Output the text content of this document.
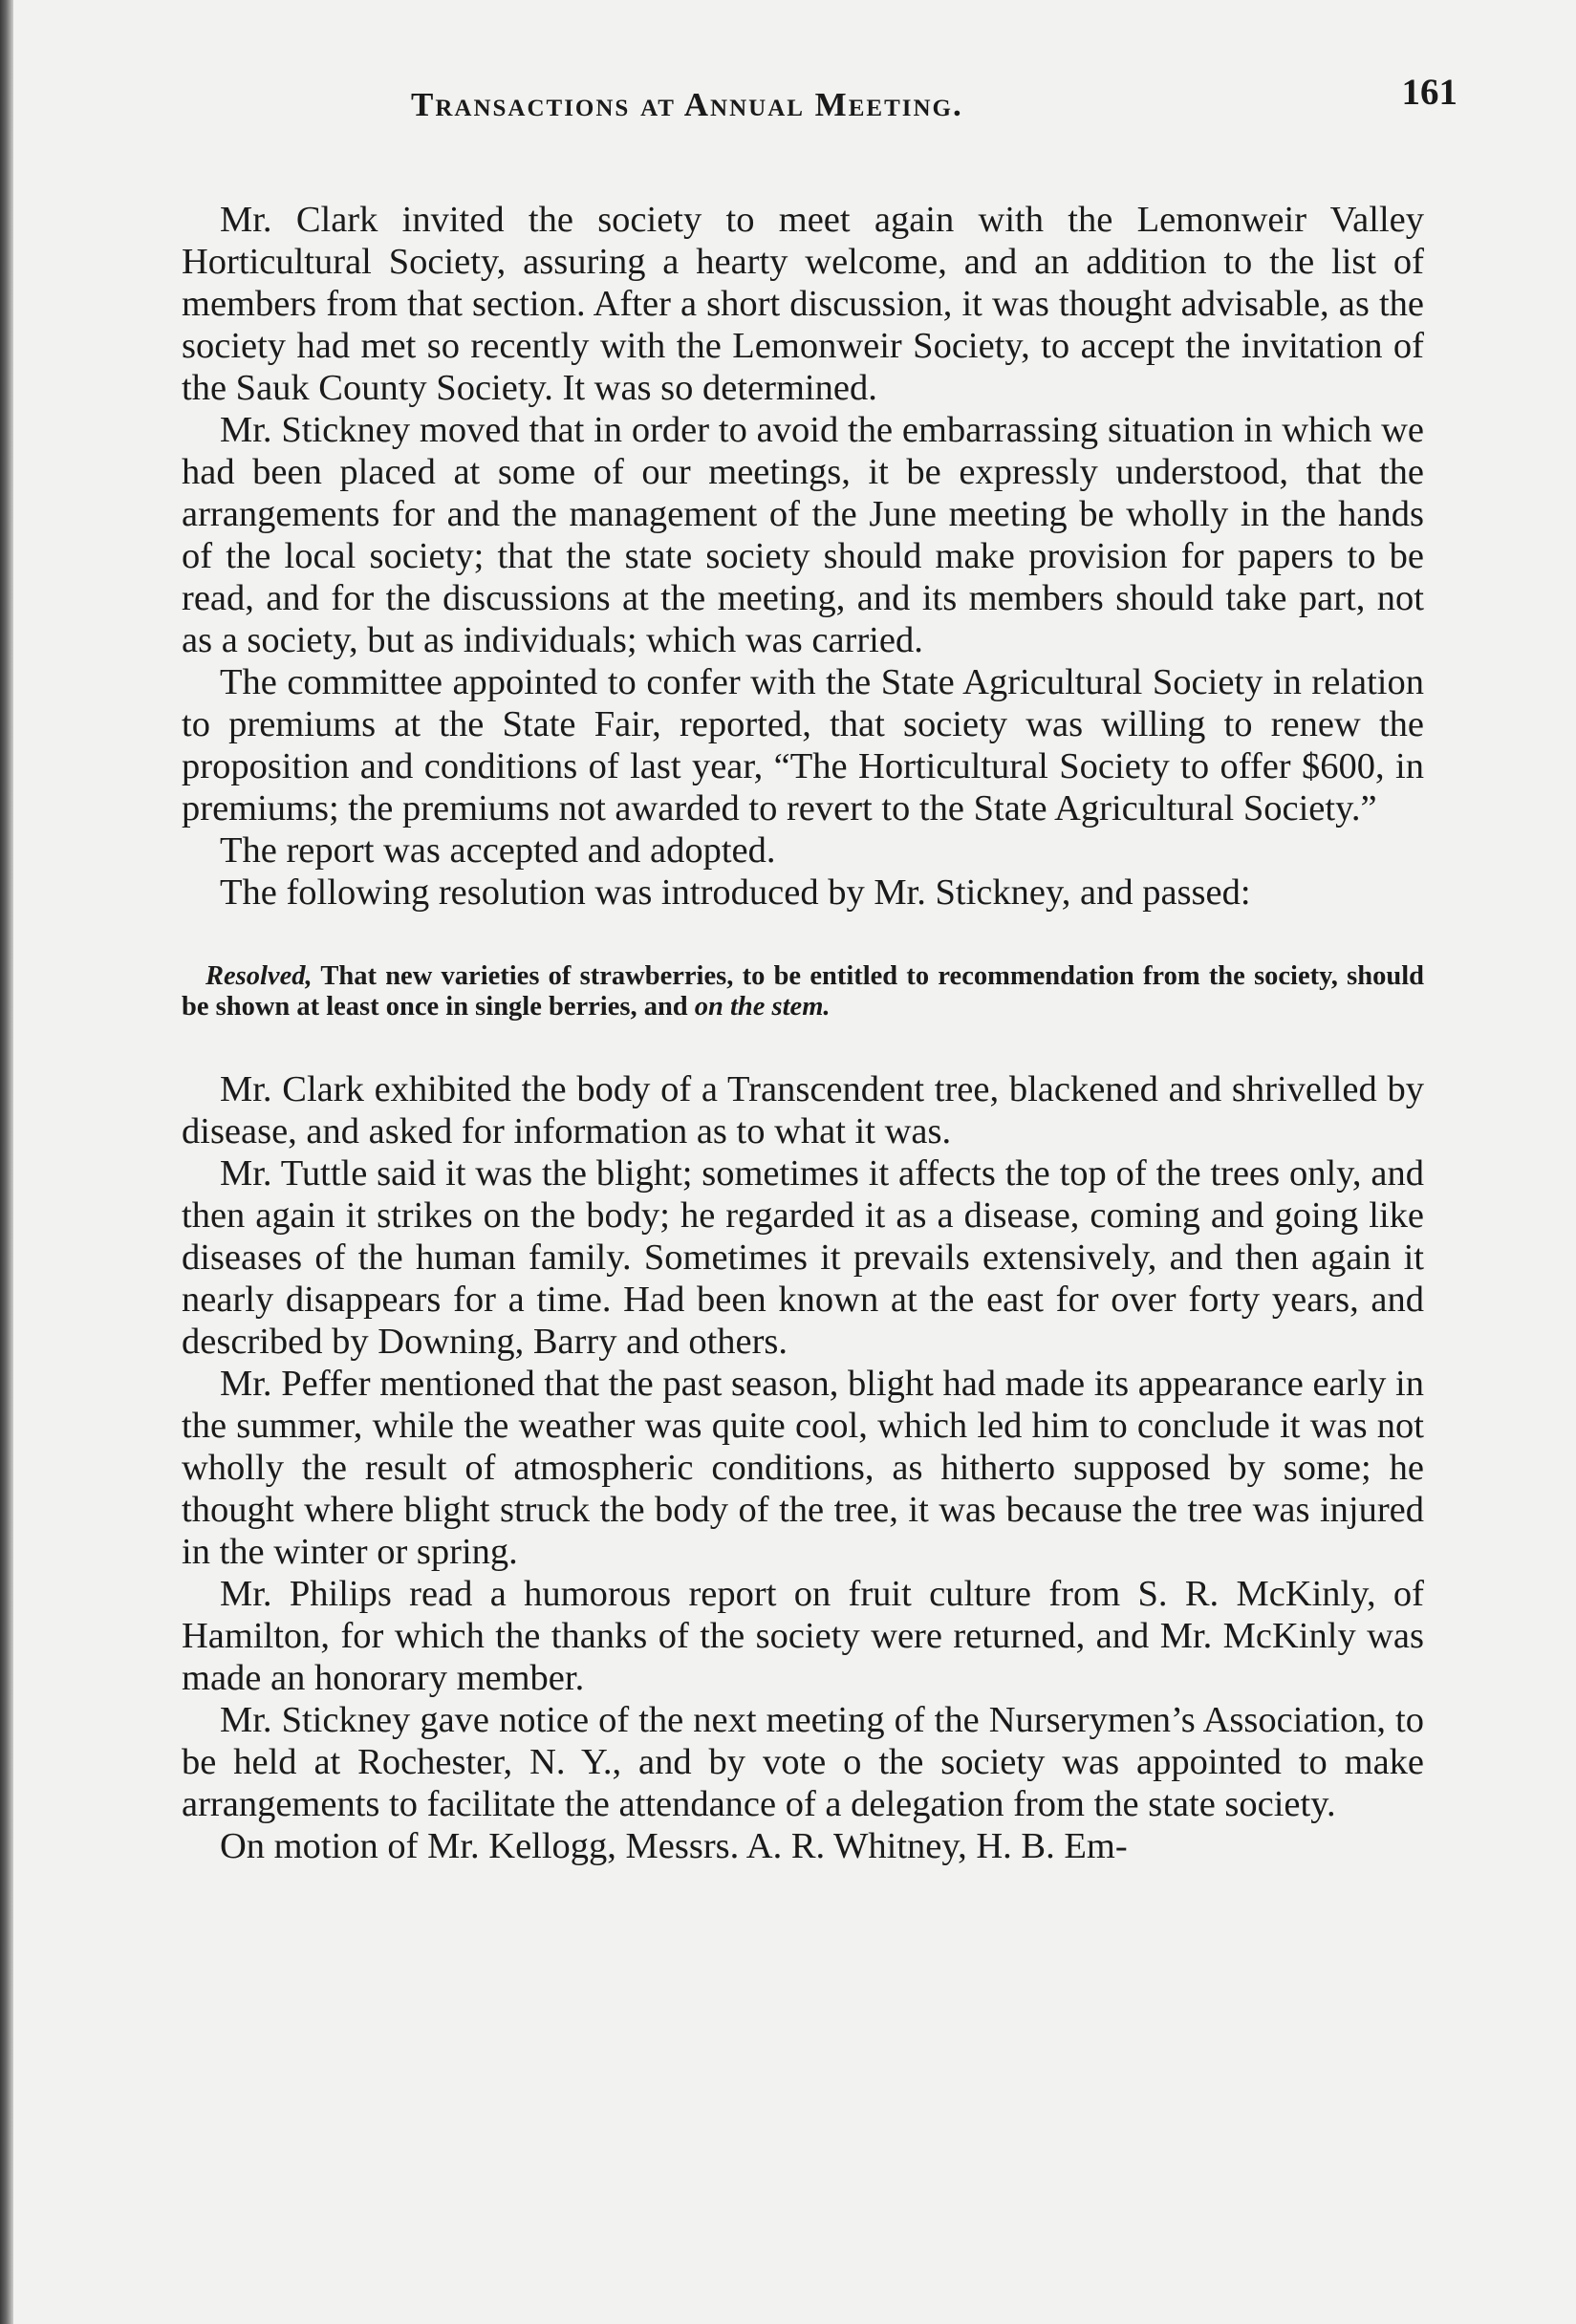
Transactions at Annual Meeting.	161

Mr. Clark invited the society to meet again with the Lemonweir Valley Horticultural Society, assuring a hearty welcome, and an addition to the list of members from that section. After a short discussion, it was thought advisable, as the society had met so recently with the Lemonweir Society, to accept the invitation of the Sauk County Society. It was so determined.

Mr. Stickney moved that in order to avoid the embarrassing situation in which we had been placed at some of our meetings, it be expressly understood, that the arrangements for and the management of the June meeting be wholly in the hands of the local society; that the state society should make provision for papers to be read, and for the discussions at the meeting, and its members should take part, not as a society, but as individuals; which was carried.

The committee appointed to confer with the State Agricultural Society in relation to premiums at the State Fair, reported, that society was willing to renew the proposition and conditions of last year, “The Horticultural Society to offer $600, in premiums; the premiums not awarded to revert to the State Agricultural Society.”

The report was accepted and adopted.

The following resolution was introduced by Mr. Stickney, and passed:

Resolved, That new varieties of strawberries, to be entitled to recommendation from the society, should be shown at least once in single berries, and on the stem.

Mr. Clark exhibited the body of a Transcendent tree, blackened and shrivelled by disease, and asked for information as to what it was.

Mr. Tuttle said it was the blight; sometimes it affects the top of the trees only, and then again it strikes on the body; he regarded it as a disease, coming and going like diseases of the human family. Sometimes it prevails extensively, and then again it nearly disappears for a time. Had been known at the east for over forty years, and described by Downing, Barry and others.

Mr. Peffer mentioned that the past season, blight had made its appearance early in the summer, while the weather was quite cool, which led him to conclude it was not wholly the result of atmospheric conditions, as hitherto supposed by some; he thought where blight struck the body of the tree, it was because the tree was injured in the winter or spring.

Mr. Philips read a humorous report on fruit culture from S. R. McKinly, of Hamilton, for which the thanks of the society were returned, and Mr. McKinly was made an honorary member.

Mr. Stickney gave notice of the next meeting of the Nurserymen’s Association, to be held at Rochester, N. Y., and by vote o the society was appointed to make arrangements to facilitate the attendance of a delegation from the state society.

On motion of Mr. Kellogg, Messrs. A. R. Whitney, H. B. Em-
